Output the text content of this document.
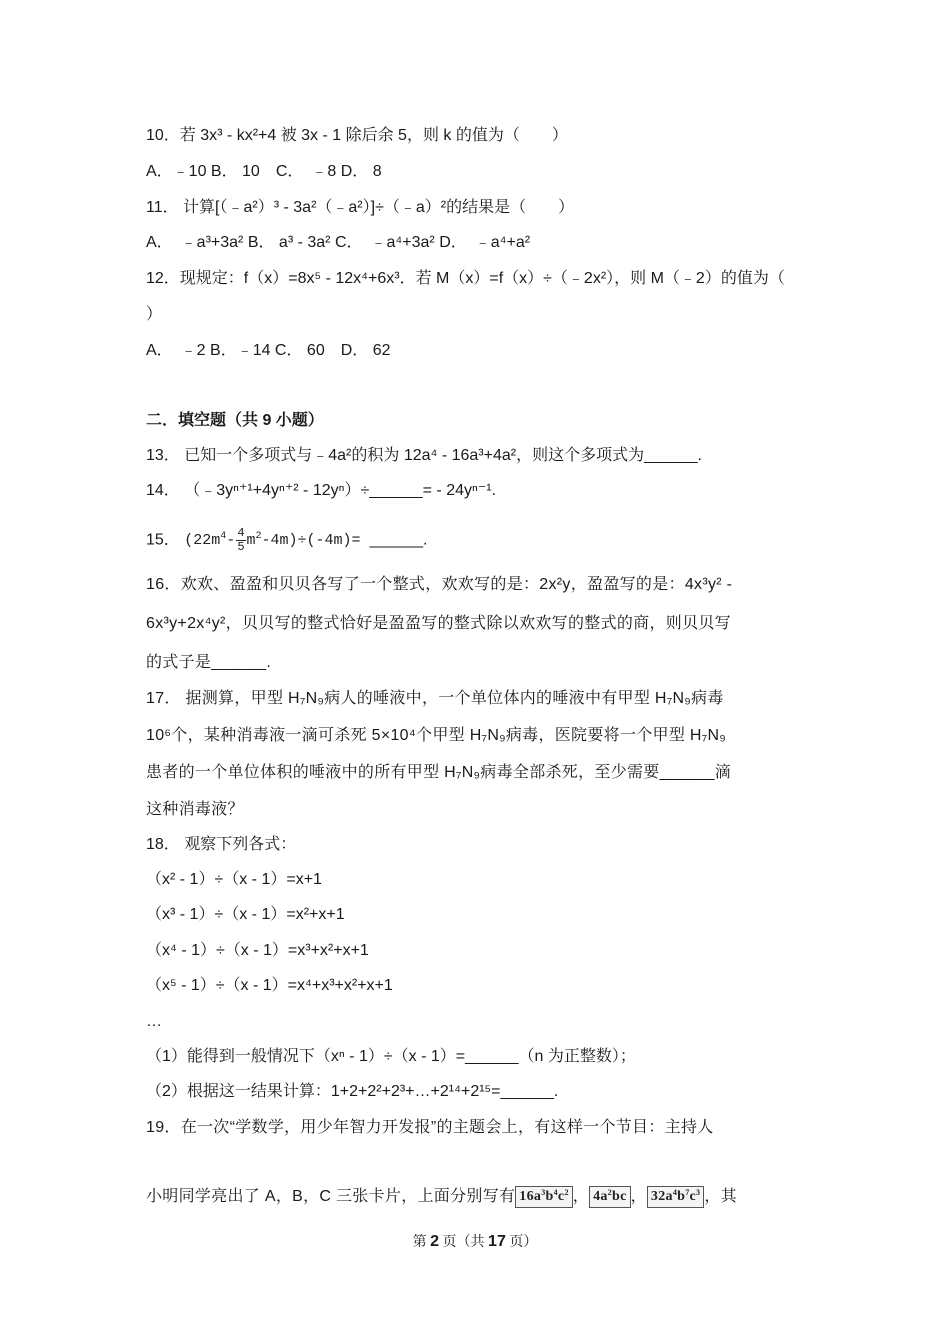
10．若 3x³ - kx²+4 被 3x - 1 除后余 5，则 k 的值为（　　）
A．﹣10 B． 10　C．　﹣8 D． 8
11． 计算[（﹣a²）³ - 3a²（﹣a²）]÷（﹣a）²的结果是（　　）
A．　﹣a³+3a² B． a³ - 3a² C．　﹣a⁴+3a² D．　﹣a⁴+a²
12．现规定：f（x）=8x⁵ - 12x⁴+6x³．若 M（x）=f（x）÷（﹣2x²），则 M（﹣2）的值为（
）
A．　﹣2 B．﹣14 C． 60　D． 62
二．填空题（共 9 小题）
13． 已知一个多项式与﹣4a²的积为 12a⁴ - 16a³+4a²，则这个多项式为______.
14． （﹣3yⁿ⁺¹+4yⁿ⁺² - 12yⁿ）÷______= - 24yⁿ⁻¹.
15． $(22m^4- \frac{4}{5} m^2-4m)\div(-4m)=$ ______.
16．欢欢、盈盈和贝贝各写了一个整式，欢欢写的是：2x²y，盈盈写的是：4x³y² -
6x³y+2x⁴y²，贝贝写的整式恰好是盈盈写的整式除以欢欢写的整式的商，则贝贝写
的式子是______.
17． 据测算，甲型 H₇N₉病人的唾液中，一个单位体内的唾液中有甲型 H₇N₉病毒
10⁶个，某种消毒液一滴可杀死 5×10⁴个甲型 H₇N₉病毒，医院要将一个甲型 H₇N₉
患者的一个单位体积的唾液中的所有甲型 H₇N₉病毒全部杀死，至少需要______滴
这种消毒液？
18． 观察下列各式：
（x² - 1）÷（x - 1）=x+1
（x³ - 1）÷（x - 1）=x²+x+1
（x⁴ - 1）÷（x - 1）=x³+x²+x+1
（x⁵ - 1）÷（x - 1）=x⁴+x³+x²+x+1
…
（1）能得到一般情况下（xⁿ - 1）÷（x - 1）=______（n 为正整数）；
（2）根据这一结果计算：1+2+2²+2³+…+2¹⁴+2¹⁵=______.
19．在一次“学数学，用少年智力开发报”的主题会上，有这样一个节目：主持人
小明同学亮出了 A，B，C 三张卡片，上面分别写有 $16a^3b^4c^2$ ， $4a^2bc$ ， $32a^4b^7c^3$ ，其
第 2 页（共 17 页）
